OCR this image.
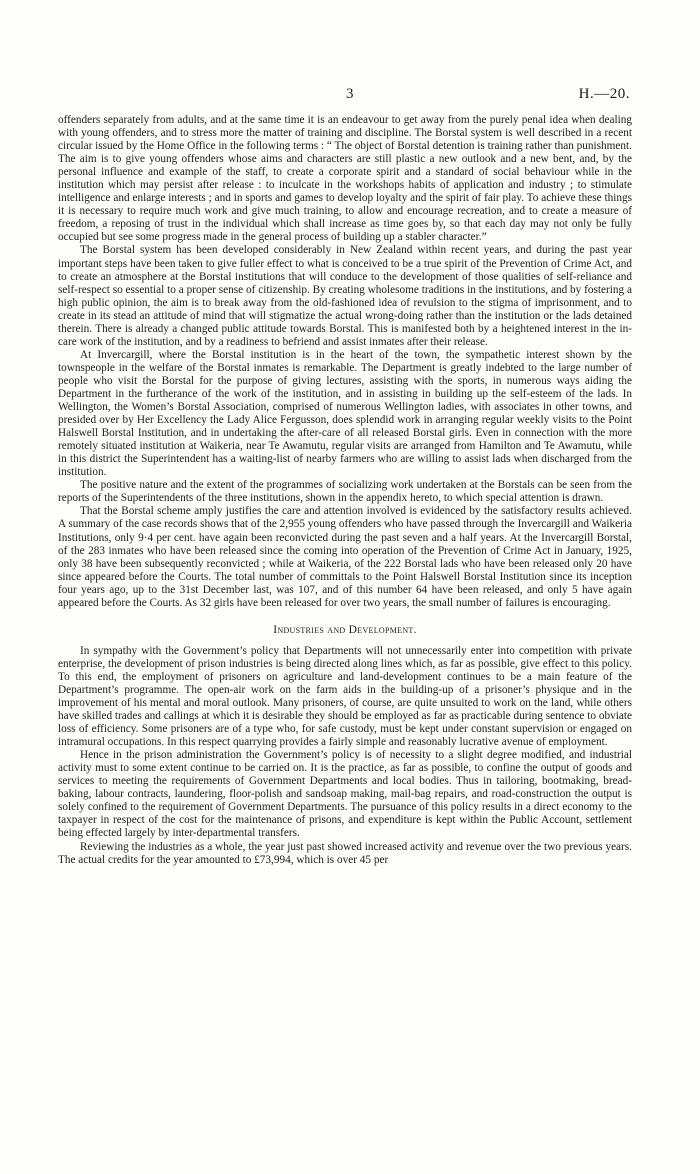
3	H.—20.

offenders separately from adults, and at the same time it is an endeavour to get away from the purely penal idea when dealing with young offenders, and to stress more the matter of training and discipline. The Borstal system is well described in a recent circular issued by the Home Office in the following terms : “ The object of Borstal detention is training rather than punishment. The aim is to give young offenders whose aims and characters are still plastic a new outlook and a new bent, and, by the personal influence and example of the staff, to create a corporate spirit and a standard of social behaviour while in the institution which may persist after release : to inculcate in the workshops habits of application and industry ; to stimulate intelligence and enlarge interests ; and in sports and games to develop loyalty and the spirit of fair play. To achieve these things it is necessary to require much work and give much training, to allow and encourage recreation, and to create a measure of freedom, a reposing of trust in the individual which shall increase as time goes by, so that each day may not only be fully occupied but see some progress made in the general process of building up a stabler character.”

The Borstal system has been developed considerably in New Zealand within recent years, and during the past year important steps have been taken to give fuller effect to what is conceived to be a true spirit of the Prevention of Crime Act, and to create an atmosphere at the Borstal institutions that will conduce to the development of those qualities of self-reliance and self-respect so essential to a proper sense of citizenship. By creating wholesome traditions in the institutions, and by fostering a high public opinion, the aim is to break away from the old-fashioned idea of revulsion to the stigma of imprisonment, and to create in its stead an attitude of mind that will stigmatize the actual wrong-doing rather than the institution or the lads detained therein. There is already a changed public attitude towards Borstal. This is manifested both by a heightened interest in the in-care work of the institution, and by a readiness to befriend and assist inmates after their release.

At Invercargill, where the Borstal institution is in the heart of the town, the sympathetic interest shown by the townspeople in the welfare of the Borstal inmates is remarkable. The Department is greatly indebted to the large number of people who visit the Borstal for the purpose of giving lectures, assisting with the sports, in numerous ways aiding the Department in the furtherance of the work of the institution, and in assisting in building up the self-esteem of the lads. In Wellington, the Women’s Borstal Association, comprised of numerous Wellington ladies, with associates in other towns, and presided over by Her Excellency the Lady Alice Fergusson, does splendid work in arranging regular weekly visits to the Point Halswell Borstal Institution, and in undertaking the after-care of all released Borstal girls. Even in connection with the more remotely situated institution at Waikeria, near Te Awamutu, regular visits are arranged from Hamilton and Te Awamutu, while in this district the Superintendent has a waiting-list of nearby farmers who are willing to assist lads when discharged from the institution.

The positive nature and the extent of the programmes of socializing work undertaken at the Borstals can be seen from the reports of the Superintendents of the three institutions, shown in the appendix hereto, to which special attention is drawn.

That the Borstal scheme amply justifies the care and attention involved is evidenced by the satisfactory results achieved. A summary of the case records shows that of the 2,955 young offenders who have passed through the Invercargill and Waikeria Institutions, only 9·4 per cent. have again been reconvicted during the past seven and a half years. At the Invercargill Borstal, of the 283 inmates who have been released since the coming into operation of the Prevention of Crime Act in January, 1925, only 38 have been subsequently reconvicted ; while at Waikeria, of the 222 Borstal lads who have been released only 20 have since appeared before the Courts. The total number of committals to the Point Halswell Borstal Institution since its inception four years ago, up to the 31st December last, was 107, and of this number 64 have been released, and only 5 have again appeared before the Courts. As 32 girls have been released for over two years, the small number of failures is encouraging.

Industries and Development.

In sympathy with the Government’s policy that Departments will not unnecessarily enter into competition with private enterprise, the development of prison industries is being directed along lines which, as far as possible, give effect to this policy. To this end, the employment of prisoners on agriculture and land-development continues to be a main feature of the Department’s programme. The open-air work on the farm aids in the building-up of a prisoner’s physique and in the improvement of his mental and moral outlook. Many prisoners, of course, are quite unsuited to work on the land, while others have skilled trades and callings at which it is desirable they should be employed as far as practicable during sentence to obviate loss of efficiency. Some prisoners are of a type who, for safe custody, must be kept under constant supervision or engaged on intramural occupations. In this respect quarrying provides a fairly simple and reasonably lucrative avenue of employment.

Hence in the prison administration the Government’s policy is of necessity to a slight degree modified, and industrial activity must to some extent continue to be carried on. It is the practice, as far as possible, to confine the output of goods and services to meeting the requirements of Government Departments and local bodies. Thus in tailoring, bootmaking, bread-baking, labour contracts, laundering, floor-polish and sandsoap making, mail-bag repairs, and road-construction the output is solely confined to the requirement of Government Departments. The pursuance of this policy results in a direct economy to the taxpayer in respect of the cost for the maintenance of prisons, and expenditure is kept within the Public Account, settlement being effected largely by inter-departmental transfers.

Reviewing the industries as a whole, the year just past showed increased activity and revenue over the two previous years. The actual credits for the year amounted to £73,994, which is over 45 per
